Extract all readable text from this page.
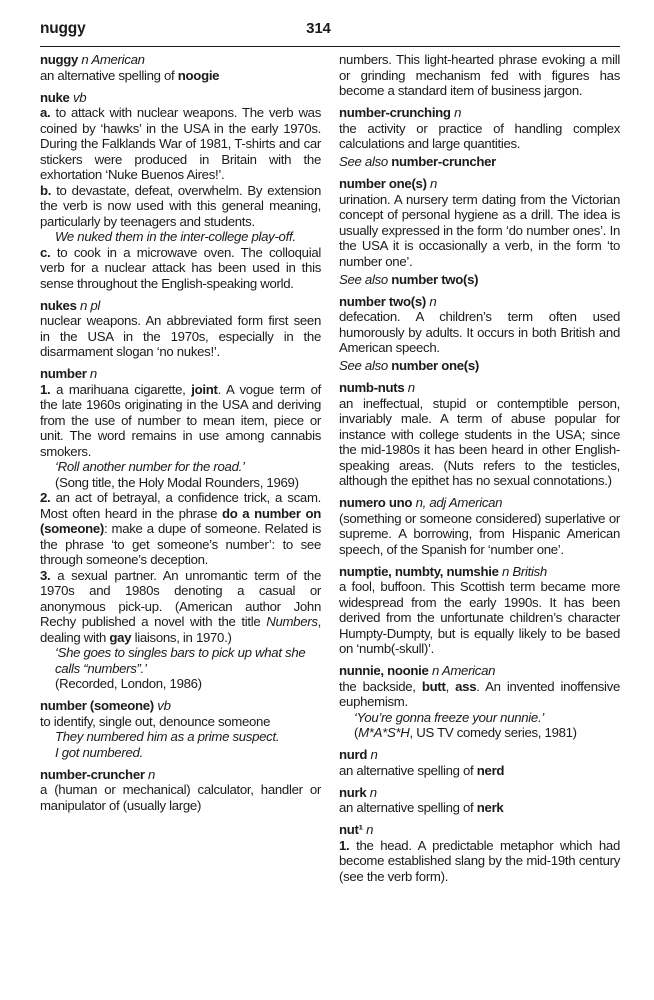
nuggy	314

nuggy n American

an alternative spelling of noogie

nuke vb

a. to attack with nuclear weapons. The verb was coined by ‘hawks’ in the USA in the early 1970s. During the Falklands War of 1981, T-shirts and car stickers were produced in Britain with the exhortation ‘Nuke Buenos Aires!’.

b. to devastate, defeat, overwhelm. By extension the verb is now used with this general meaning, particularly by teenagers and students.

We nuked them in the inter-college play-off.

c. to cook in a microwave oven. The colloquial verb for a nuclear attack has been used in this sense throughout the English-speaking world.

nukes n pl

nuclear weapons. An abbreviated form first seen in the USA in the 1970s, especially in the disarmament slogan ‘no nukes!’.

number n

1. a marihuana cigarette, joint. A vogue term of the late 1960s originating in the USA and deriving from the use of number to mean item, piece or unit. The word remains in use among cannabis smokers.

‘Roll another number for the road.’

(Song title, the Holy Modal Rounders, 1969)

2. an act of betrayal, a confidence trick, a scam. Most often heard in the phrase do a number on (someone): make a dupe of someone. Related is the phrase ‘to get someone’s number’: to see through someone’s deception.

3. a sexual partner. An unromantic term of the 1970s and 1980s denoting a casual or anonymous pick-up. (American author John Rechy published a novel with the title Numbers, dealing with gay liaisons, in 1970.)

‘She goes to singles bars to pick up what she calls “numbers”.’

(Recorded, London, 1986)

number (someone) vb

to identify, single out, denounce someone

They numbered him as a prime suspect.

I got numbered.

number-cruncher n

a (human or mechanical) calculator, handler or manipulator of (usually large)

numbers. This light-hearted phrase evoking a mill or grinding mechanism fed with figures has become a standard item of business jargon.

number-crunching n

the activity or practice of handling complex calculations and large quantities.

See also number-cruncher

number one(s) n

urination. A nursery term dating from the Victorian concept of personal hygiene as a drill. The idea is usually expressed in the form ‘do number ones’. In the USA it is occasionally a verb, in the form ‘to number one’.

See also number two(s)

number two(s) n

defecation. A children’s term often used humorously by adults. It occurs in both British and American speech.

See also number one(s)

numb-nuts n

an ineffectual, stupid or contemptible person, invariably male. A term of abuse popular for instance with college students in the USA; since the mid-1980s it has been heard in other English-speaking areas. (Nuts refers to the testicles, although the epithet has no sexual connotations.)

numero uno n, adj American

(something or someone considered) superlative or supreme. A borrowing, from Hispanic American speech, of the Spanish for ‘number one’.

numptie, numbty, numshie n British

a fool, buffoon. This Scottish term became more widespread from the early 1990s. It has been derived from the unfortunate children’s character Humpty-Dumpty, but is equally likely to be based on ‘numb(-skull)’.

nunnie, noonie n American

the backside, butt, ass. An invented inoffensive euphemism.

‘You’re gonna freeze your nunnie.’

(M*A*S*H, US TV comedy series, 1981)

nurd n

an alternative spelling of nerd

nurk n

an alternative spelling of nerk

nut¹ n

1. the head. A predictable metaphor which had become established slang by the mid-19th century (see the verb form).
